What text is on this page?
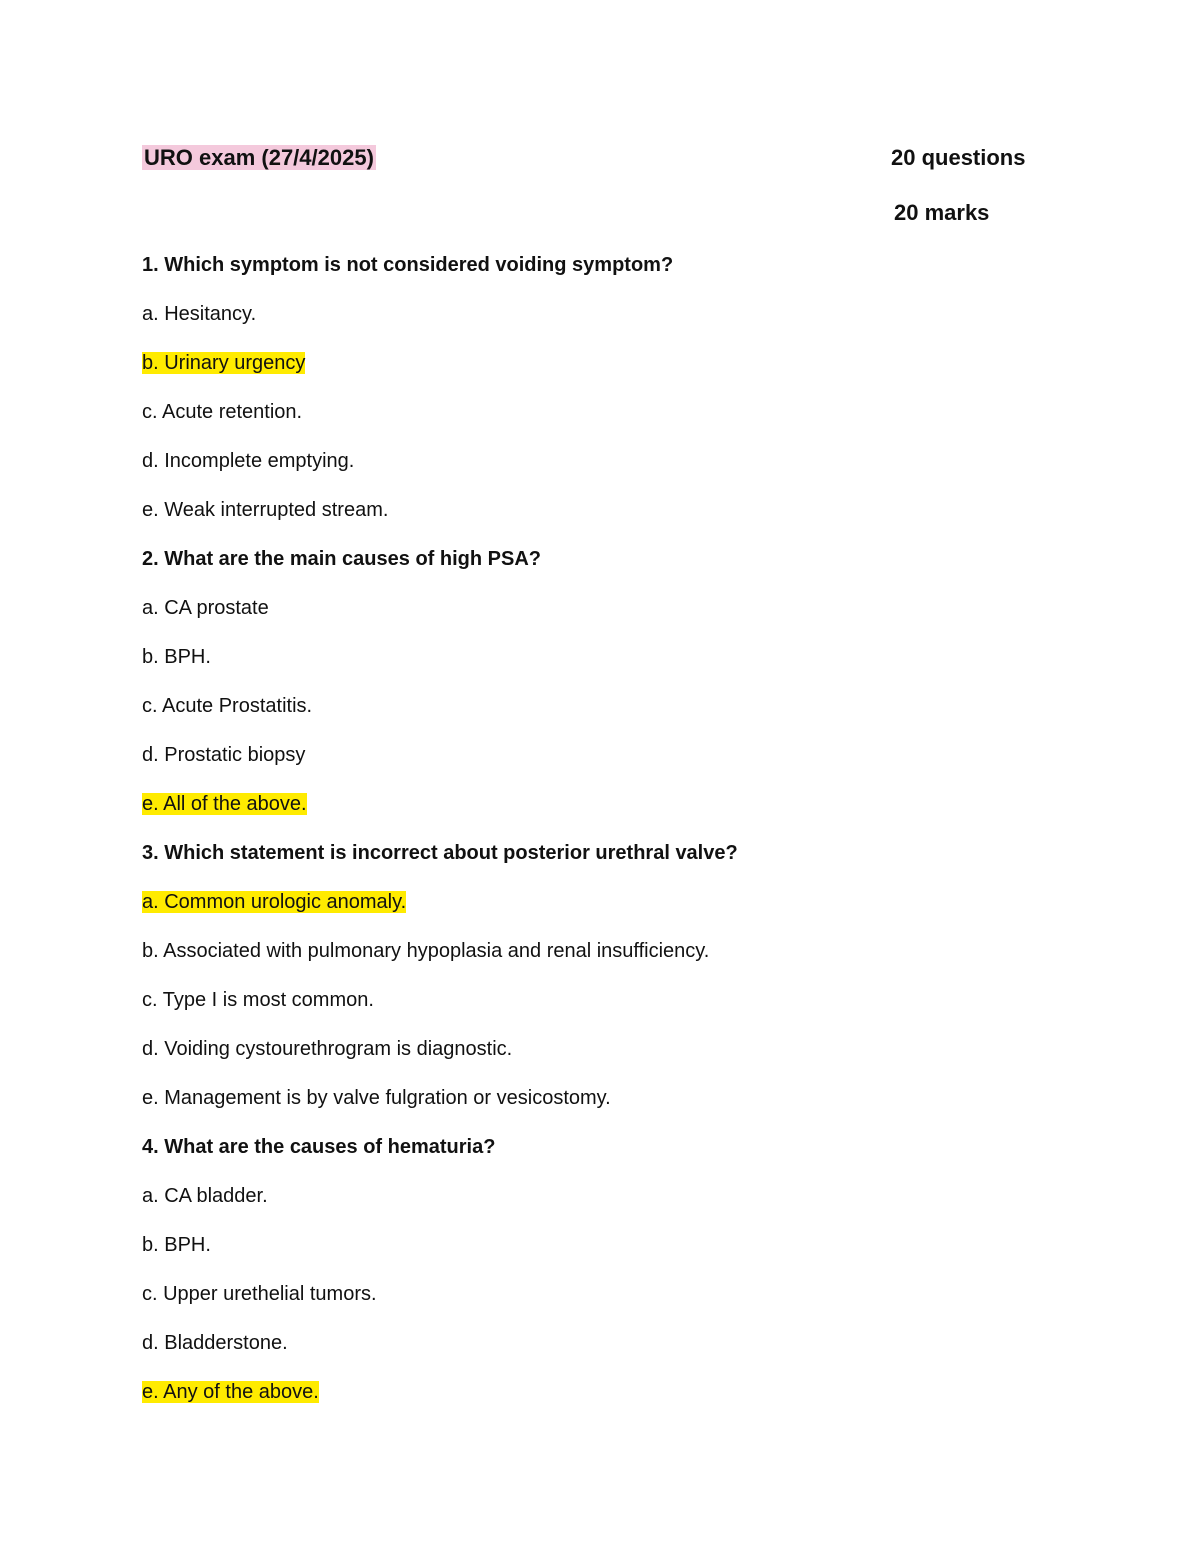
URO exam (27/4/2025)	20 questions
20 marks
1. Which symptom is not considered voiding symptom?
a. Hesitancy.
b. Urinary urgency
c. Acute retention.
d. Incomplete emptying.
e. Weak interrupted stream.
2. What are the main causes of high PSA?
a. CA prostate
b. BPH.
c. Acute Prostatitis.
d. Prostatic biopsy
e. All of the above.
3. Which statement is incorrect about posterior urethral valve?
a. Common urologic anomaly.
b. Associated with pulmonary hypoplasia and renal insufficiency.
c. Type I is most common.
d. Voiding cystourethrogram is diagnostic.
e. Management is by valve fulgration or vesicostomy.
4. What are the causes of hematuria?
a. CA bladder.
b. BPH.
c. Upper urethelial tumors.
d. Bladderstone.
e. Any of the above.
